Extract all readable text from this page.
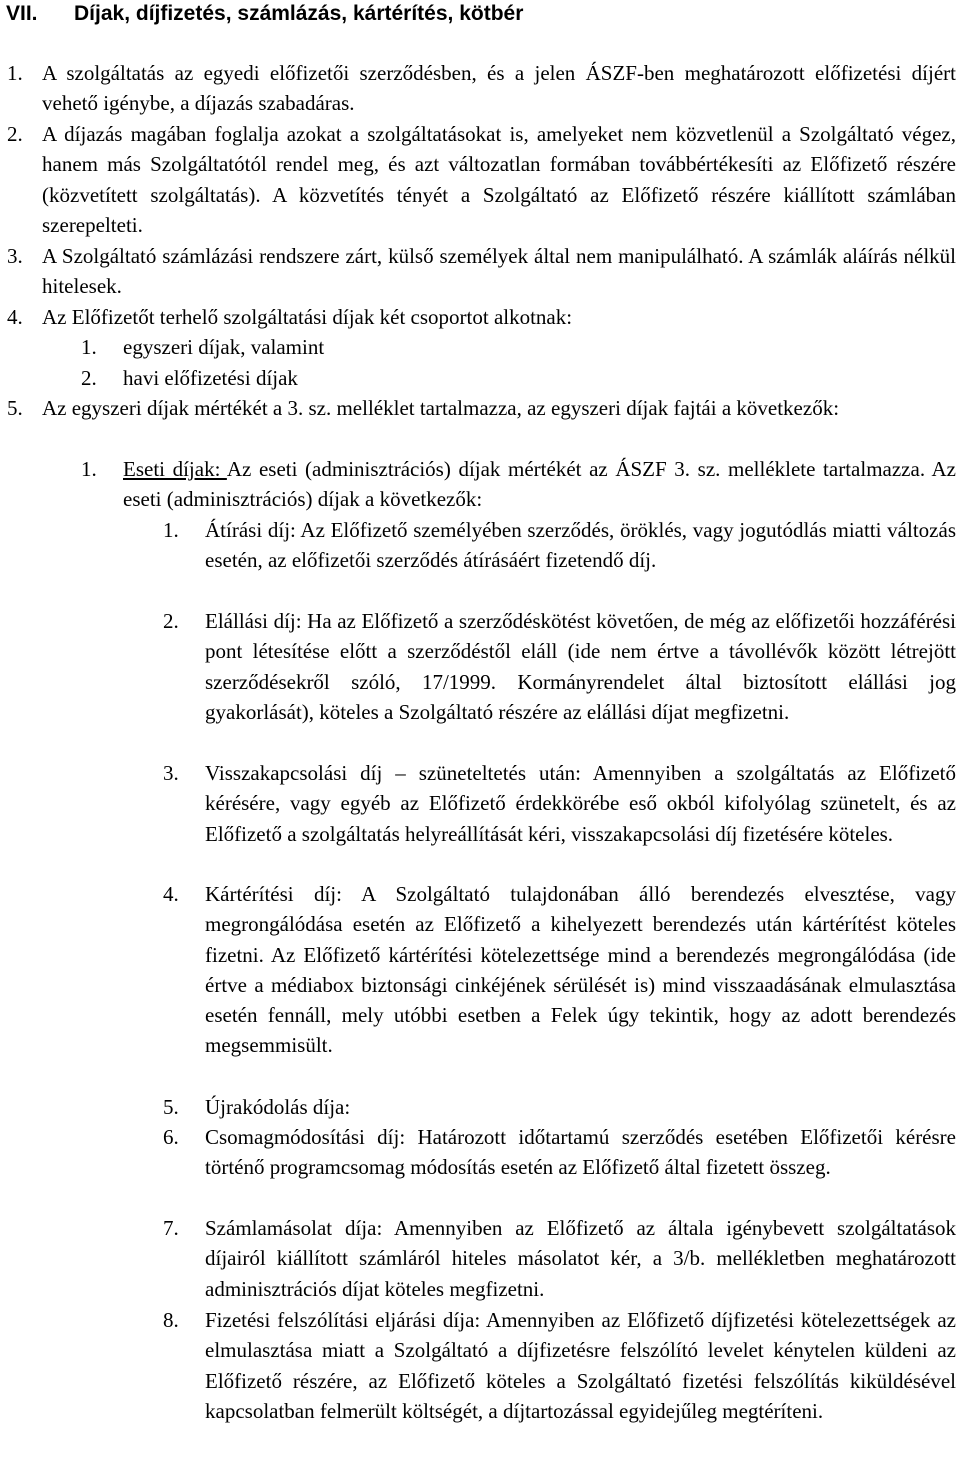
VII. Díjak, díjfizetés, számlázás, kártérítés, kötbér
1. A szolgáltatás az egyedi előfizetői szerződésben, és a jelen ÁSZF-ben meghatározott előfizetési díjért vehető igénybe, a díjazás szabadáras.
2. A díjazás magában foglalja azokat a szolgáltatásokat is, amelyeket nem közvetlenül a Szolgáltató végez, hanem más Szolgáltatótól rendel meg, és azt változatlan formában továbbértékesíti az Előfizető részére (közvetített szolgáltatás). A közvetítés tényét a Szolgáltató az Előfizető részére kiállított számlában szerepelteti.
3. A Szolgáltató számlázási rendszere zárt, külső személyek által nem manipulálható. A számlák aláírás nélkül hitelesek.
4. Az Előfizetőt terhelő szolgáltatási díjak két csoportot alkotnak:
1. egyszeri díjak, valamint
2. havi előfizetési díjak
5. Az egyszeri díjak mértékét a 3. sz. melléklet tartalmazza, az egyszeri díjak fajtái a következők:
1. Eseti díjak: Az eseti (adminisztrációs) díjak mértékét az ÁSZF 3. sz. melléklete tartalmazza. Az eseti (adminisztrációs) díjak a következők:
1. Átírási díj: Az Előfizető személyében szerződés, öröklés, vagy jogutódlás miatti változás esetén, az előfizetői szerződés átírásáért fizetendő díj.
2. Elállási díj: Ha az Előfizető a szerződéskötést követően, de még az előfizetői hozzáférési pont létesítése előtt a szerződéstől eláll (ide nem értve a távollévők között létrejött szerződésekről szóló, 17/1999. Kormányrendelet által biztosított elállási jog gyakorlását), köteles a Szolgáltató részére az elállási díjat megfizetni.
3. Visszakapcsolási díj – szüneteltetés után: Amennyiben a szolgáltatás az Előfizető kérésére, vagy egyéb az Előfizető érdekkörébe eső okból kifolyólag szünetelt, és az Előfizető a szolgáltatás helyreállítását kéri, visszakapcsolási díj fizetésére köteles.
4. Kártérítési díj: A Szolgáltató tulajdonában álló berendezés elvesztése, vagy megrongálódása esetén az Előfizető a kihelyezett berendezés után kártérítést köteles fizetni. Az Előfizető kártérítési kötelezettsége mind a berendezés megrongálódása (ide értve a médiabox biztonsági cinkéjének sérülését is) mind visszaadásának elmulasztása esetén fennáll, mely utóbbi esetben a Felek úgy tekintik, hogy az adott berendezés megsemmisült.
5. Újrakódolás díja:
6. Csomagmódosítási díj: Határozott időtartamú szerződés esetében Előfizetői kérésre történő programcsomag módosítás esetén az Előfizető által fizetett összeg.
7. Számlamásolat díja: Amennyiben az Előfizető az általa igénybevett szolgáltatások díjairól kiállított számláról hiteles másolatot kér, a 3/b. mellékletben meghatározott adminisztrációs díjat köteles megfizetni.
8. Fizetési felszólítási eljárási díja: Amennyiben az Előfizető díjfizetési kötelezettségek az elmulasztása miatt a Szolgáltató a díjfizetésre felszólító levelet kénytelen küldeni az Előfizető részére, az Előfizető köteles a Szolgáltató fizetési felszólítás kiküldésével kapcsolatban felmerült költségét, a díjtartozással egyidejűleg megtéríteni.
